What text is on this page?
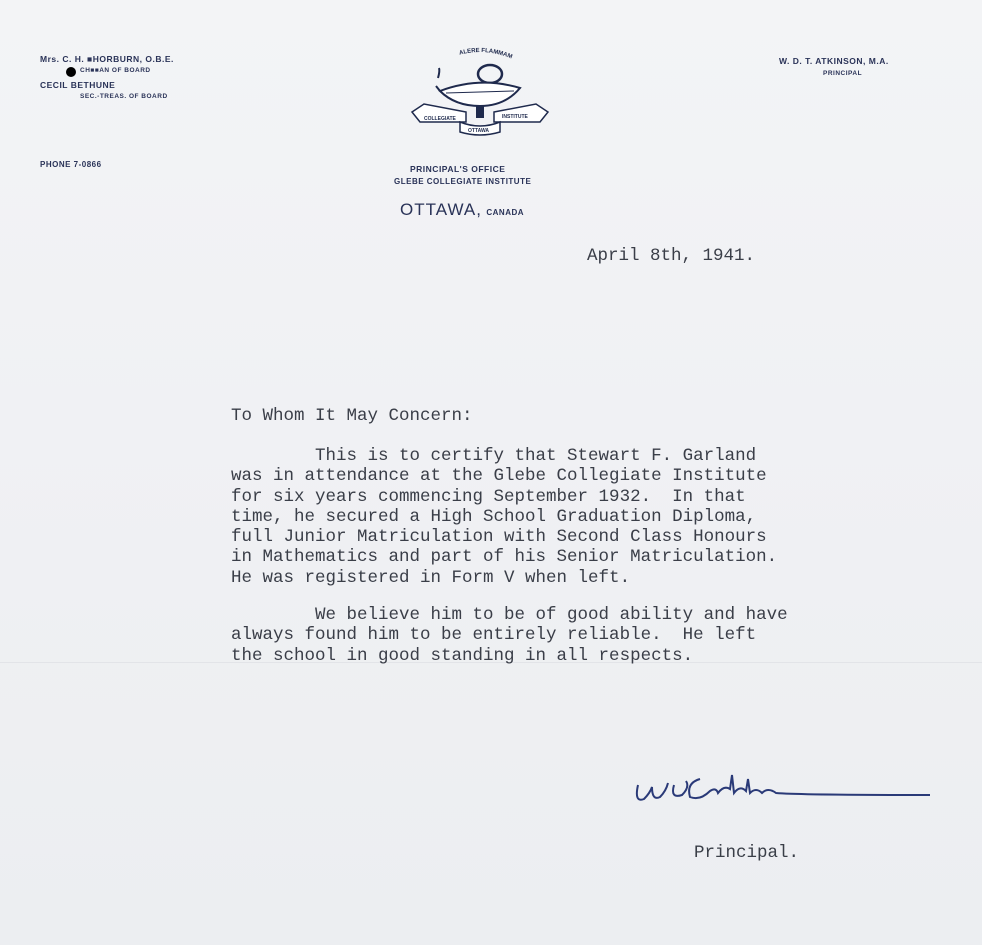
Mrs. C. H. ■HORBURN, O.B.E.
CH■■AN OF BOARD
CECIL BETHUNE
SEC.-TREAS. OF BOARD
PHONE 7-0866
W. D. T. ATKINSON, M.A.
PRINCIPAL
ALERE FLAMMAM
COLLEGIATE	INSTITUTE
OTTAWA
PRINCIPAL'S OFFICE
GLEBE COLLEGIATE INSTITUTE
OTTAWA, CANADA
April 8th, 1941.
To Whom It May Concern:
This is to certify that Stewart F. Garland
was in attendance at the Glebe Collegiate Institute
for six years commencing September 1932.  In that
time, he secured a High School Graduation Diploma,
full Junior Matriculation with Second Class Honours
in Mathematics and part of his Senior Matriculation.
He was registered in Form V when left.
We believe him to be of good ability and have
always found him to be entirely reliable.  He left
the school in good standing in all respects.
Principal.
